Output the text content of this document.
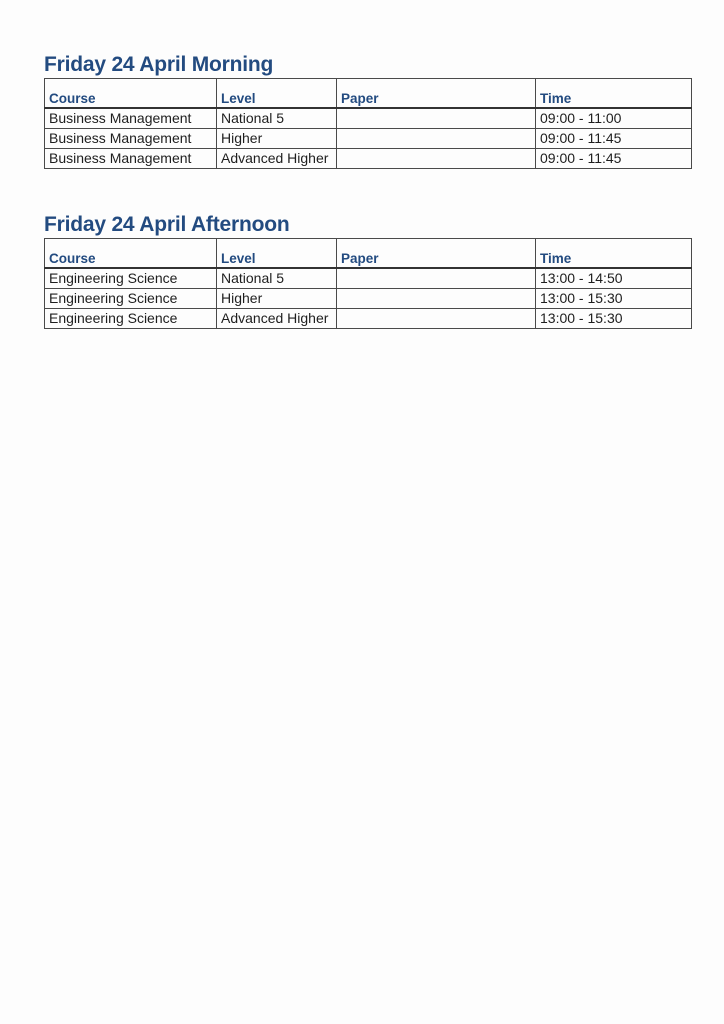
Friday 24 April Morning
Course	Level	Paper	Time
Business Management	National 5		09:00 - 11:00
Business Management	Higher		09:00 - 11:45
Business Management	Advanced Higher		09:00 - 11:45
Friday 24 April Afternoon
Course	Level	Paper	Time
Engineering Science	National 5		13:00 - 14:50
Engineering Science	Higher		13:00 - 15:30
Engineering Science	Advanced Higher		13:00 - 15:30
